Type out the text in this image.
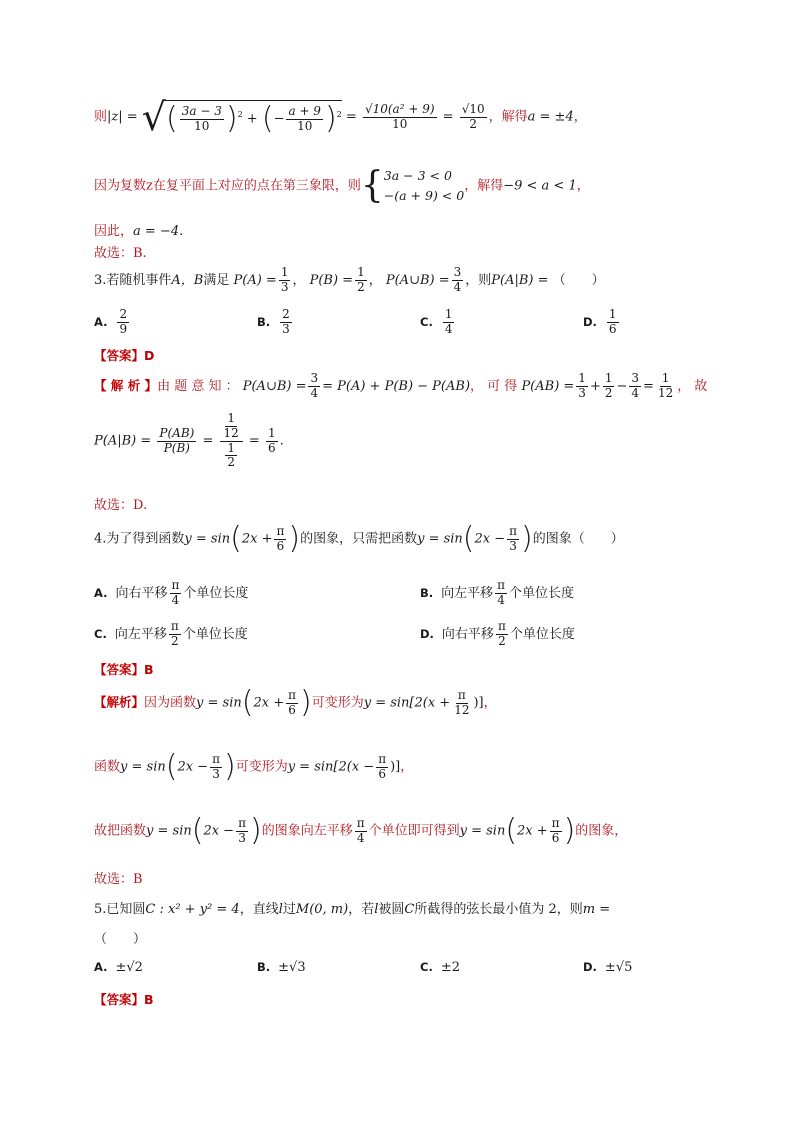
则|z| = √( $\frac{3a - 3}{10} )^2$ + (− $\frac{a + 9}{10} )^2 = \frac{\text{√10(a² + 9)}}{10} = \frac{√10}{2}$ ，解得a = ±4，
因为复数z在复平面上对应的点在第三象限，则{ 3a − 3 < 0
−(a + 9) < 0
，解得−9 < a < 1，
因此，a = −4.
故选：B.
3.若随机事件A，B满足 $P(A) = \frac{1}{3}$ ， $P(B) = \frac{1}{2}$ ， P(A∪B) = $\frac{3}{4}$ ，则P(A|B) = （　　）
A. $\frac{2}{9}$	B. $\frac{2}{3}$	C. $\frac{1}{4}$	D. $\frac{1}{6}$
【答案】D
【 解 析 】由 题 意 知 ： P(A∪B) = $\frac{3}{4} = P(A) + P(B) - P(AB)$， 可 得 $P(AB) = \frac{1}{3} + \frac{1}{2} - \frac{3}{4} = \frac{1}{12}$ ， 故
$P(A|B) = \frac{P(AB)}{P(B)} = \frac{\frac{1}{12}}{\frac{1}{2}} = \frac{1}{6}$ .
故选：D.
4.为了得到函数$y = \sin(2x + \frac{\pi}{6}$ )的图象，只需把函数$y = \sin(2x - \frac{\pi}{3}$ )的图象（　　）
A. 向右平移 $\frac{\pi}{4}$ 个单位长度	B. 向左平移 $\frac{\pi}{4}$ 个单位长度
C. 向左平移 $\frac{\pi}{2}$ 个单位长度	D. 向右平移 $\frac{\pi}{2}$ 个单位长度
【答案】B
【解析】因为函数$y = \sin(2x + \frac{\pi}{6}$ )可变形为$y = \sin[2(x + \frac{\pi}{12}$ )]，
函数$y = \sin(2x - \frac{\pi}{3}$ )可变形为$y = \sin[2(x - \frac{\pi}{6}$ )]，
故把函数$y = \sin(2x - \frac{\pi}{3}$ )的图象向左平移 $\frac{\pi}{4}$ 个单位即可得到$y = \sin(2x + \frac{\pi}{6}$ )的图象，
故选：B
5.已知圆C : x² + y² = 4，直线l过M(0, m)，若l被圆C所截得的弦长最小值为 2，则m =
（　　）
A. ±√2	B. ±√3	C. ±2	D. ±√5
【答案】B
